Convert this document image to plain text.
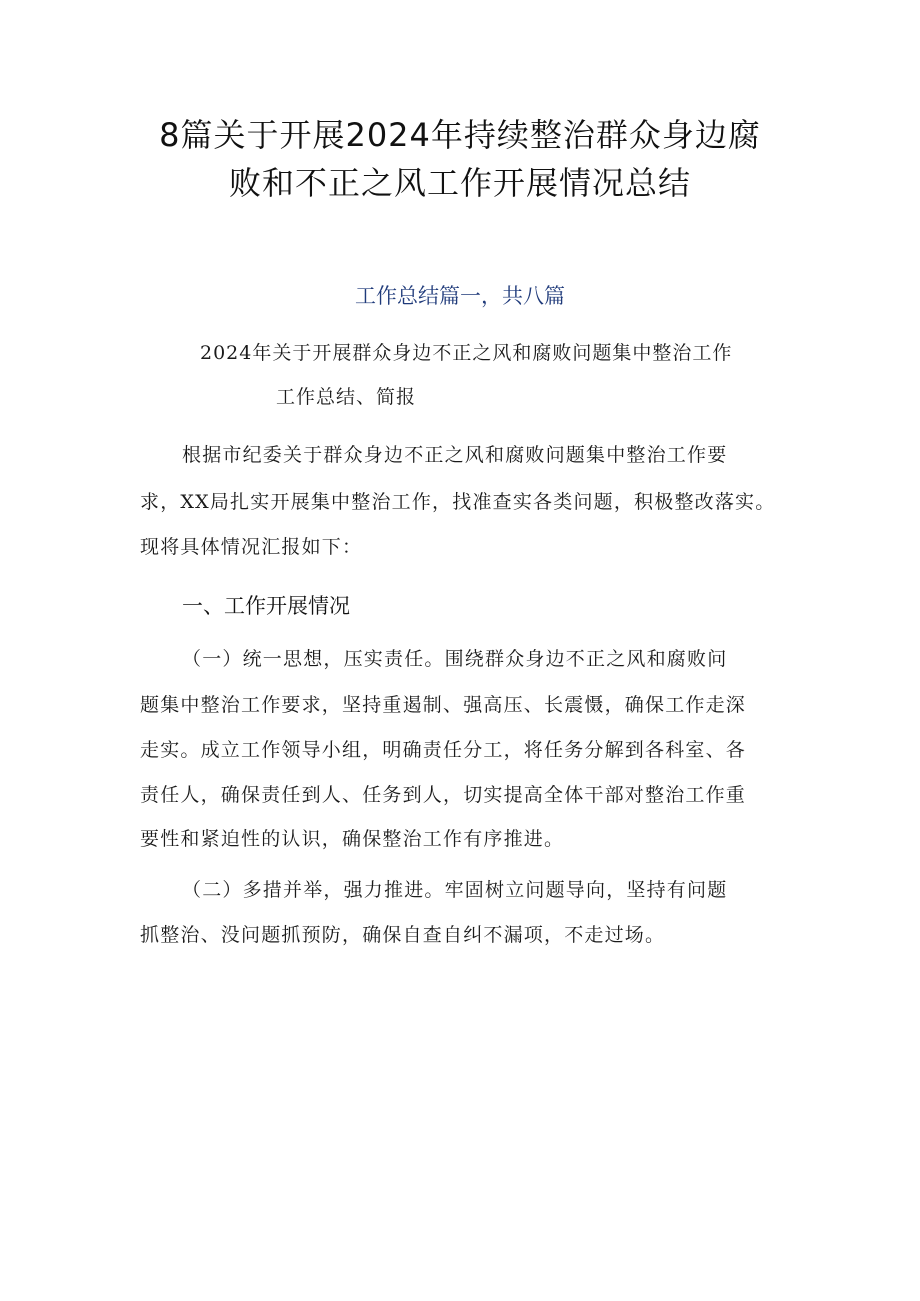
8篇关于开展2024年持续整治群众身边腐
败和不正之风工作开展情况总结
工作总结篇一，共八篇
2024年关于开展群众身边不正之风和腐败问题集中整治工作
工作总结、简报
根据市纪委关于群众身边不正之风和腐败问题集中整治工作要
求，XX局扎实开展集中整治工作，找准查实各类问题，积极整改落实。
现将具体情况汇报如下：
一、工作开展情况
（一）统一思想，压实责任。围绕群众身边不正之风和腐败问
题集中整治工作要求，坚持重遏制、强高压、长震慑，确保工作走深
走实。成立工作领导小组，明确责任分工，将任务分解到各科室、各
责任人，确保责任到人、任务到人，切实提高全体干部对整治工作重
要性和紧迫性的认识，确保整治工作有序推进。
（二）多措并举，强力推进。牢固树立问题导向，坚持有问题
抓整治、没问题抓预防，确保自查自纠不漏项，不走过场。
